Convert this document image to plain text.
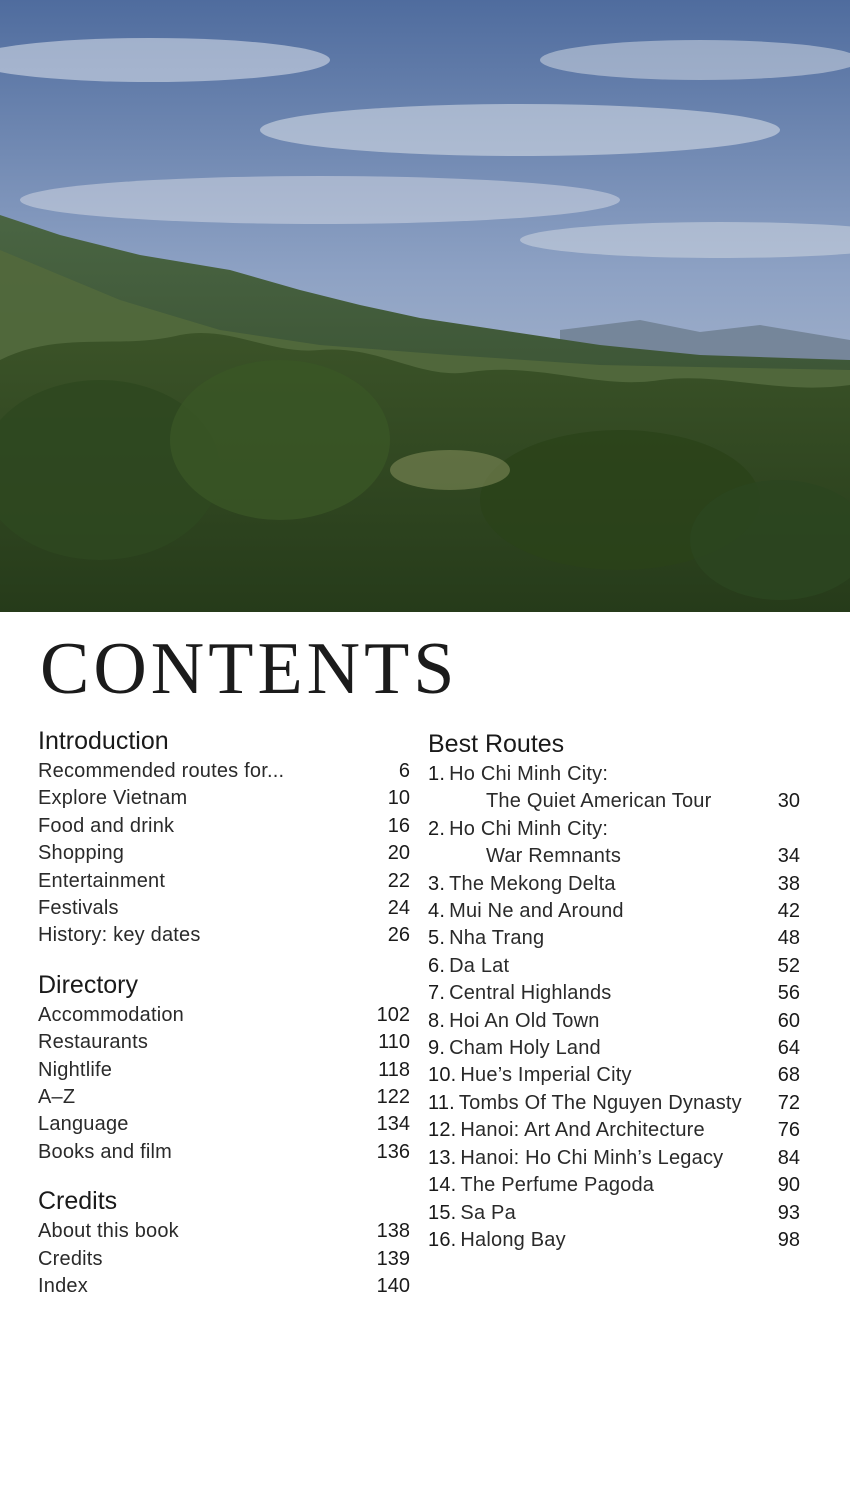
CONTENTS
Introduction
Recommended routes for...	6
Explore Vietnam	10
Food and drink	16
Shopping	20
Entertainment	22
Festivals	24
History: key dates	26
Directory
Accommodation	102
Restaurants	110
Nightlife	118
A–Z	122
Language	134
Books and film	136
Credits
About this book	138
Credits	139
Index	140
Best Routes
1. Ho Chi Minh City:
The Quiet American Tour	30
2. Ho Chi Minh City:
War Remnants	34
3. The Mekong Delta	38
4. Mui Ne and Around	42
5. Nha Trang	48
6. Da Lat	52
7. Central Highlands	56
8. Hoi An Old Town	60
9. Cham Holy Land	64
10. Hue’s Imperial City	68
11. Tombs Of The Nguyen Dynasty	72
12. Hanoi: Art And Architecture	76
13. Hanoi: Ho Chi Minh’s Legacy	84
14. The Perfume Pagoda	90
15. Sa Pa	93
16. Halong Bay	98
